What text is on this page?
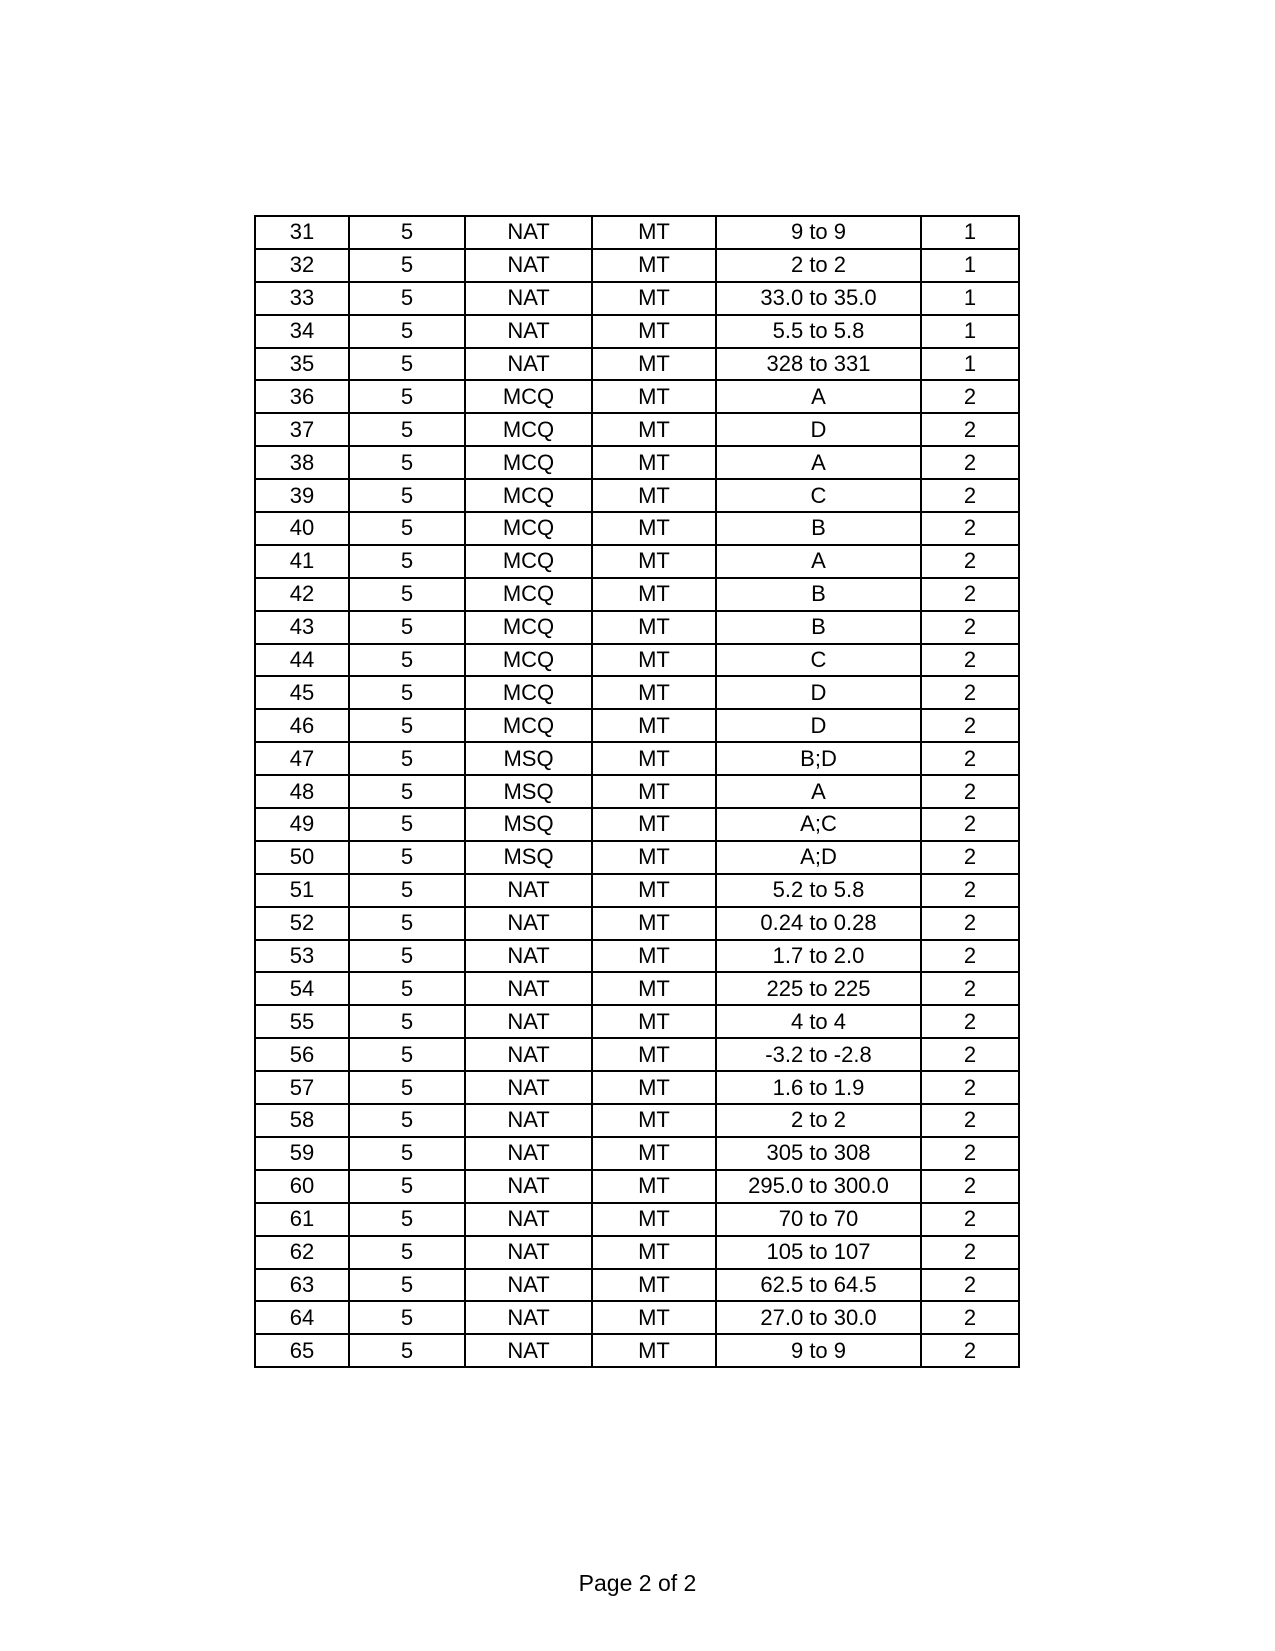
31	5	NAT	MT	9 to 9	1
32	5	NAT	MT	2 to 2	1
33	5	NAT	MT	33.0 to 35.0	1
34	5	NAT	MT	5.5 to 5.8	1
35	5	NAT	MT	328 to 331	1
36	5	MCQ	MT	A	2
37	5	MCQ	MT	D	2
38	5	MCQ	MT	A	2
39	5	MCQ	MT	C	2
40	5	MCQ	MT	B	2
41	5	MCQ	MT	A	2
42	5	MCQ	MT	B	2
43	5	MCQ	MT	B	2
44	5	MCQ	MT	C	2
45	5	MCQ	MT	D	2
46	5	MCQ	MT	D	2
47	5	MSQ	MT	B;D	2
48	5	MSQ	MT	A	2
49	5	MSQ	MT	A;C	2
50	5	MSQ	MT	A;D	2
51	5	NAT	MT	5.2 to 5.8	2
52	5	NAT	MT	0.24 to 0.28	2
53	5	NAT	MT	1.7 to 2.0	2
54	5	NAT	MT	225 to 225	2
55	5	NAT	MT	4 to 4	2
56	5	NAT	MT	-3.2 to -2.8	2
57	5	NAT	MT	1.6 to 1.9	2
58	5	NAT	MT	2 to 2	2
59	5	NAT	MT	305 to 308	2
60	5	NAT	MT	295.0 to 300.0	2
61	5	NAT	MT	70 to 70	2
62	5	NAT	MT	105 to 107	2
63	5	NAT	MT	62.5 to 64.5	2
64	5	NAT	MT	27.0 to 30.0	2
65	5	NAT	MT	9 to 9	2
Page 2 of 2
